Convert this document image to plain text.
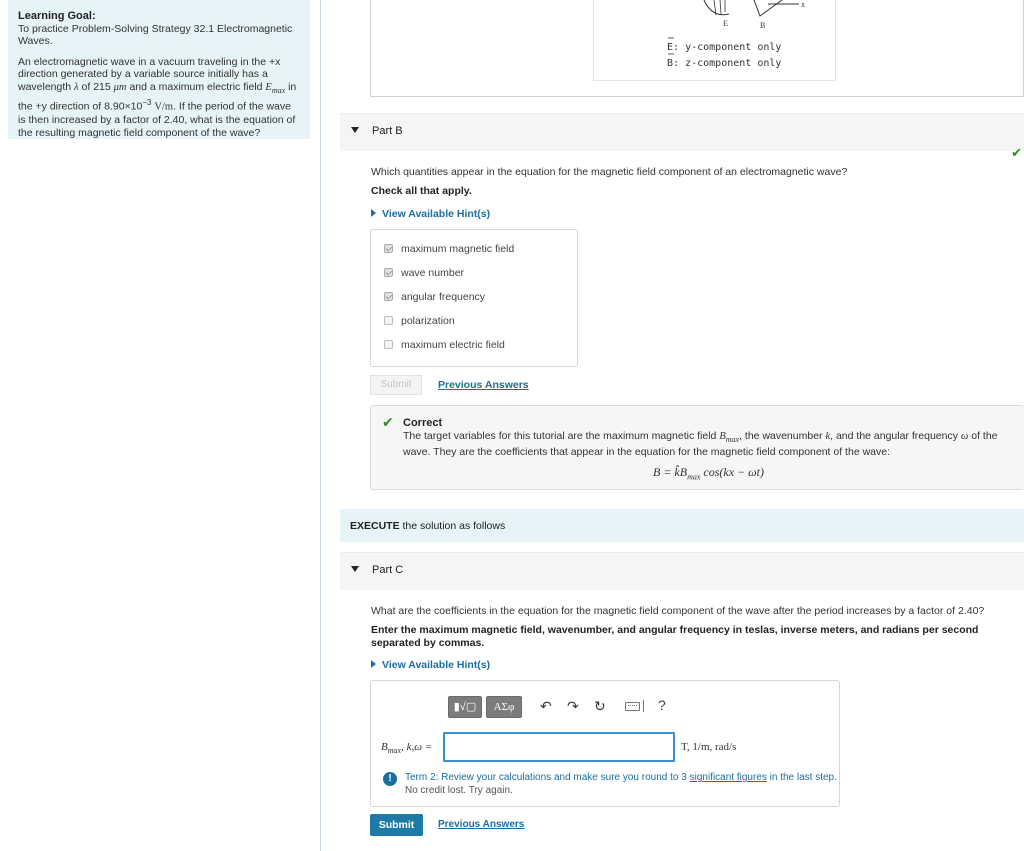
Learning Goal:

To practice Problem-Solving Strategy 32.1 Electromagnetic Waves.

An electromagnetic wave in a vacuum traveling in the +x direction generated by a variable source initially has a wavelength λ of 215 μm and a maximum electric field $E_{max}$ in the +y direction of $8.90\times 10^{-3}$ V/m. If the period of the wave is then increased by a factor of 2.40, what is the equation of the resulting magnetic field component of the wave?

E	B
x
E: y-component only
B: z-component only
Part B
✔
Which quantities appear in the equation for the magnetic field component of an electromagnetic wave?
Check all that apply.
View Available Hint(s)
maximum magnetic field
wave number
angular frequency
polarization
maximum electric field
Submit	Previous Answers
✔ Correct
The target variables for this tutorial are the maximum magnetic field $B_{max}$, the wavenumber k, and the angular frequency ω of the wave. They are the coefficients that appear in the equation for the magnetic field component of the wave:
$B = k̂B_{max}$ cos(kx − ωt)
EXECUTE the solution as follows
Part C
What are the coefficients in the equation for the magnetic field component of the wave after the period increases by a factor of 2.40?
Enter the maximum magnetic field, wavenumber, and angular frequency in teslas, inverse meters, and radians per second separated by commas.
View Available Hint(s)
▮√▢	ΑΣφ	↶ ↷ ↻	?
$B_{max}$, k,ω =	T, 1/m, rad/s
!	Term 2: Review your calculations and make sure you round to 3 significant figures in the last step.
No credit lost. Try again.
Submit	Previous Answers
